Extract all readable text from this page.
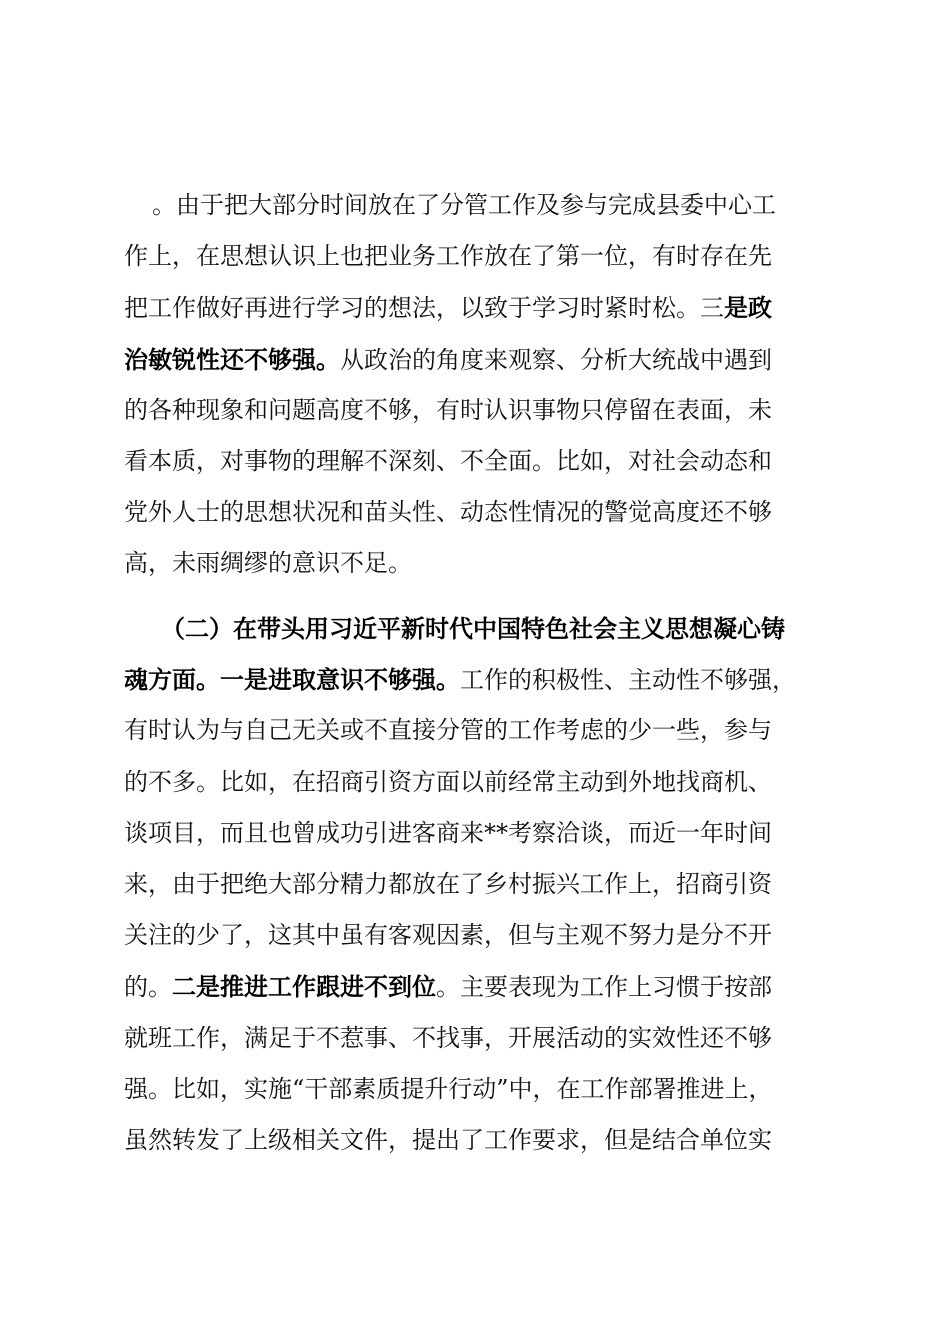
。由于把大部分时间放在了分管工作及参与完成县委中心工
作上，在思想认识上也把业务工作放在了第一位，有时存在先
把工作做好再进行学习的想法，以致于学习时紧时松。三是政
治敏锐性还不够强。从政治的角度来观察、分析大统战中遇到
的各种现象和问题高度不够，有时认识事物只停留在表面，未
看本质，对事物的理解不深刻、不全面。比如，对社会动态和
党外人士的思想状况和苗头性、动态性情况的警觉高度还不够
高，未雨绸缪的意识不足。
（二）在带头用习近平新时代中国特色社会主义思想凝心铸
魂方面。一是进取意识不够强。工作的积极性、主动性不够强，
有时认为与自己无关或不直接分管的工作考虑的少一些，参与
的不多。比如，在招商引资方面以前经常主动到外地找商机、
谈项目，而且也曾成功引进客商来**考察洽谈，而近一年时间
来，由于把绝大部分精力都放在了乡村振兴工作上，招商引资
关注的少了，这其中虽有客观因素，但与主观不努力是分不开
的。二是推进工作跟进不到位。主要表现为工作上习惯于按部
就班工作，满足于不惹事、不找事，开展活动的实效性还不够
强。比如，实施“干部素质提升行动”中，在工作部署推进上，
虽然转发了上级相关文件，提出了工作要求，但是结合单位实
